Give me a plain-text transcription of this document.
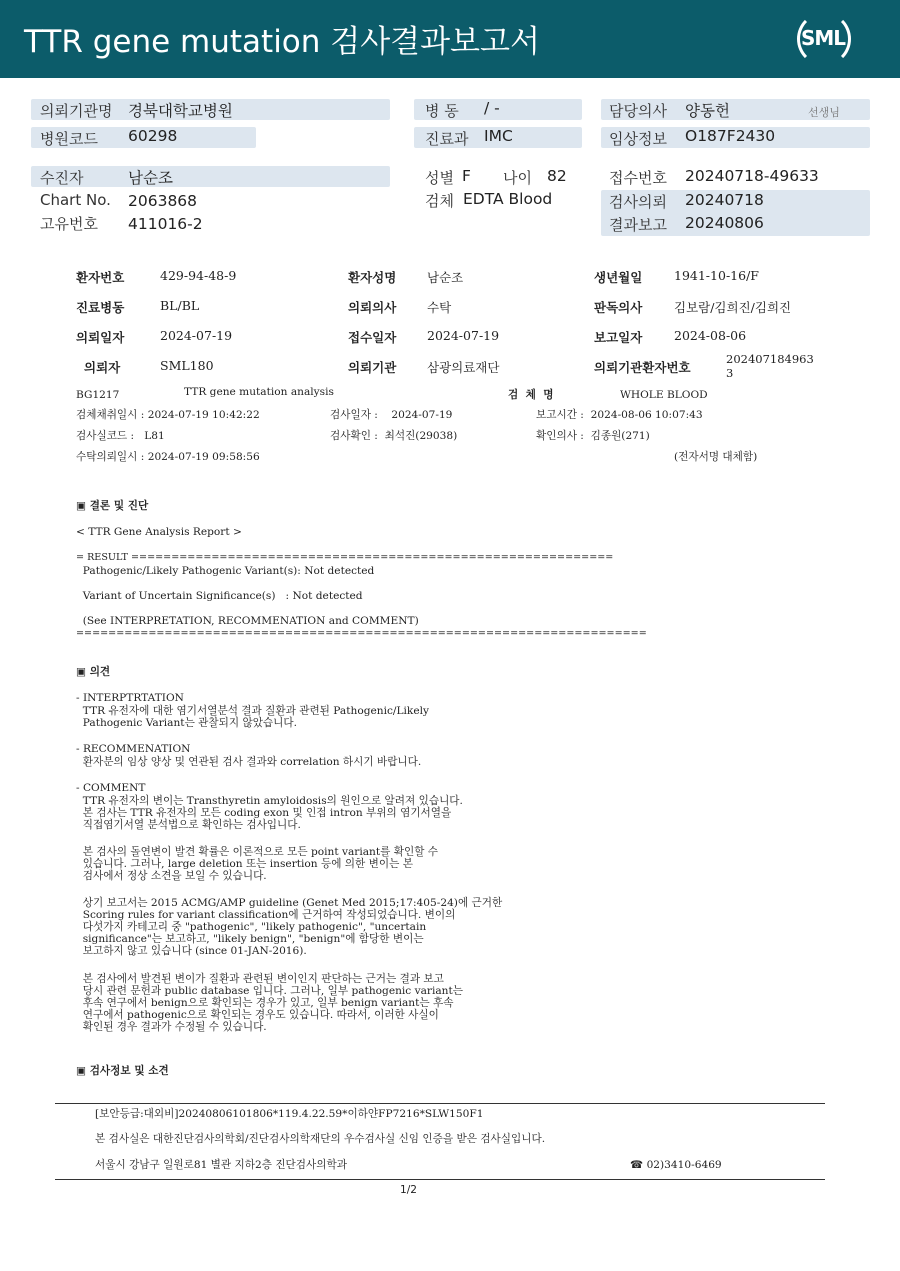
TTR gene mutation 검사결과보고서	SML
의뢰기관명 경북대학교병원
병원코드 60298
병 동 / -
진료과 IMC
담당의사 양동헌	선생님
임상정보 O187F2430
수진자	남순조
Chart No. 2063868
고유번호 411016-2
성별 F 나이 82
검체 EDTA Blood
접수번호 20240718-49633
검사의뢰 20240718
결과보고 20240806
환자번호	429-94-48-9	환자성명 남순조	생년월일	1941-10-16/F
진료병동	BL/BL	의뢰의사 수탁	판독의사	김보람/김희진/김희진
의뢰일자	2024-07-19	접수일자 2024-07-19	보고일자	2024-08-06
의뢰자	SML180	의뢰기관 삼광의료재단	의뢰기관환자번호
202407184963
3
BG1217	TTR gene mutation analysis	검  체  명	WHOLE BLOOD
검체채취일시 : 2024-07-19 10:42:22	검사일자 :    2024-07-19	보고시간 :  2024-08-06 10:07:43
검사실코드 :   L81	검사확인 :  최석진(29038)	확인의사 :  김종원(271)
수탁의뢰일시 : 2024-07-19 09:58:56	(전자서명 대체함)
▣ 결론 및 진단
< TTR Gene Analysis Report >
= RESULT ============================================================
Pathogenic/Likely Pathogenic Variant(s): Not detected
Variant of Uncertain Significance(s)   : Not detected
(See INTERPRETATION, RECOMMENATION and COMMENT)
=======================================================================
▣ 의견
- INTERPTRTATION
TTR 유전자에 대한 염기서열분석 결과 질환과 관련된 Pathogenic/Likely
Pathogenic Variant는 관찰되지 않았습니다.
- RECOMMENATION
환자분의 임상 양상 및 연관된 검사 결과와 correlation 하시기 바랍니다.
- COMMENT
TTR 유전자의 변이는 Transthyretin amyloidosis의 원인으로 알려져 있습니다.
본 검사는 TTR 유전자의 모든 coding exon 및 인접 intron 부위의 염기서열을
직접염기서열 분석법으로 확인하는 검사입니다.
본 검사의 돌연변이 발견 확률은 이론적으로 모든 point variant를 확인할 수
있습니다. 그러나, large deletion 또는 insertion 등에 의한 변이는 본
검사에서 정상 소견을 보일 수 있습니다.
상기 보고서는 2015 ACMG/AMP guideline (Genet Med 2015;17:405-24)에 근거한
Scoring rules for variant classification에 근거하여 작성되었습니다. 변이의
다섯가지 카테고리 중 "pathogenic", "likely pathogenic", "uncertain
significance"는 보고하고, "likely benign", "benign"에 함당한 변이는
보고하지 않고 있습니다 (since 01-JAN-2016).
본 검사에서 발견된 변이가 질환과 관련된 변이인지 판단하는 근거는 결과 보고
당시 관련 문헌과 public database 입니다. 그러나, 일부 pathogenic variant는
후속 연구에서 benign으로 확인되는 경우가 있고, 일부 benign variant는 후속
연구에서 pathogenic으로 확인되는 경우도 있습니다. 따라서, 이러한 사실이
확인된 경우 결과가 수정될 수 있습니다.
▣ 검사정보 및 소견
[보안등급:대외비]20240806101806*119.4.22.59*이하얀FP7216*SLW150F1
본 검사실은 대한진단검사의학회/진단검사의학재단의 우수검사실 신임 인증을 받은 검사실입니다.
서울시 강남구 일원로81 별관 지하2층 진단검사의학과	☎ 02)3410-6469
1/2
